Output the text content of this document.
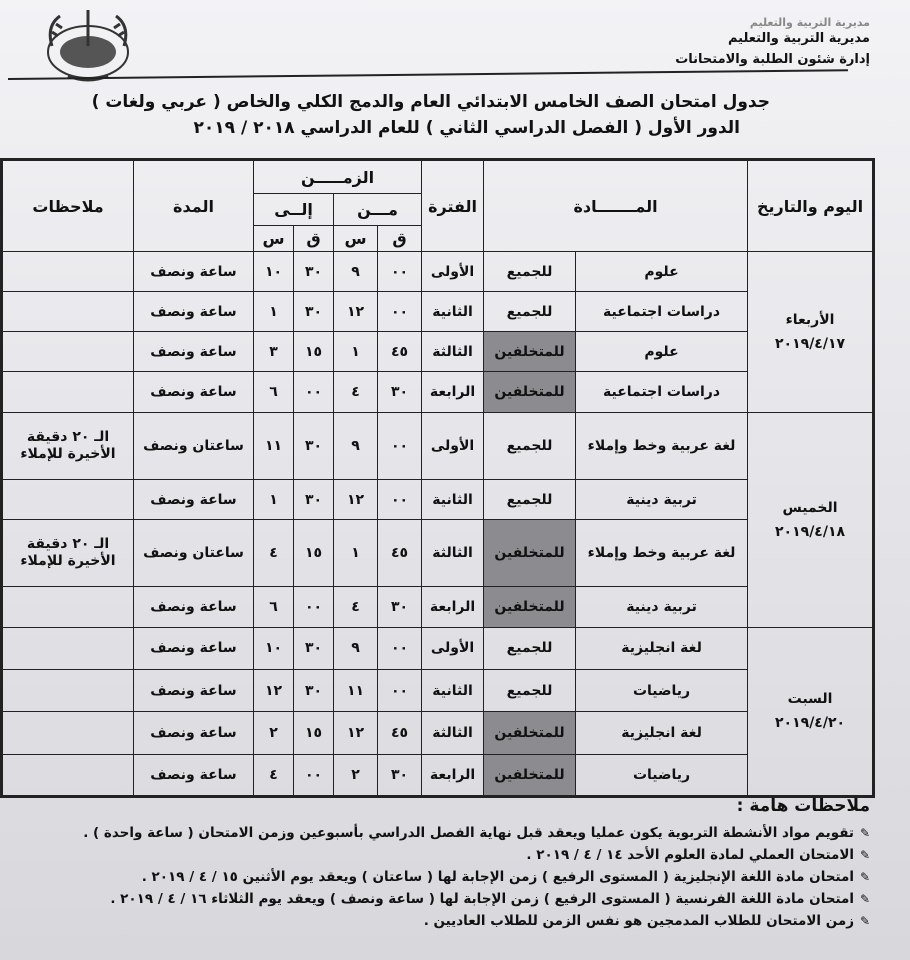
مديرية التربية والتعليم
مديرية التربية والتعليم
إدارة شئون الطلبة والامتحانات
جدول امتحان الصف الخامس الابتدائي العام والدمج الكلي والخاص ( عربي ولغات )
الدور الأول ( الفصل الدراسي الثاني ) للعام الدراسي ٢٠١٨ / ٢٠١٩
اليوم والتاريخ	المـــــــادة		الفترة	الزمـــــن				المدة	ملاحظات
				مـــن		إلــى			
				ق	س	ق	س		

الأربعاء
٢٠١٩/٤/١٧	علوم	للجميع	الأولى	٠٠	٩	٣٠	١٠	ساعة ونصف	
	دراسات اجتماعية	للجميع	الثانية	٠٠	١٢	٣٠	١	ساعة ونصف	
	علوم	للمتخلفين	الثالثة	٤٥	١	١٥	٣	ساعة ونصف	
	دراسات اجتماعية	للمتخلفين	الرابعة	٣٠	٤	٠٠	٦	ساعة ونصف	

الخميس
٢٠١٩/٤/١٨	لغة عربية وخط وإملاء	للجميع	الأولى	٠٠	٩	٣٠	١١	ساعتان ونصف	الـ ٢٠ دقيقة الأخيرة للإملاء
	تربية دينية	للجميع	الثانية	٠٠	١٢	٣٠	١	ساعة ونصف	
	لغة عربية وخط وإملاء	للمتخلفين	الثالثة	٤٥	١	١٥	٤	ساعتان ونصف	الـ ٢٠ دقيقة الأخيرة للإملاء
	تربية دينية	للمتخلفين	الرابعة	٣٠	٤	٠٠	٦	ساعة ونصف	

السبت
٢٠١٩/٤/٢٠	لغة انجليزية	للجميع	الأولى	٠٠	٩	٣٠	١٠	ساعة ونصف	
	رياضيات	للجميع	الثانية	٠٠	١١	٣٠	١٢	ساعة ونصف	
	لغة انجليزية	للمتخلفين	الثالثة	٤٥	١٢	١٥	٢	ساعة ونصف	
	رياضيات	للمتخلفين	الرابعة	٣٠	٢	٠٠	٤	ساعة ونصف	
ملاحظات هامة :
✎تقويم مواد الأنشطة التربوية يكون عمليا ويعقد قبل نهاية الفصل الدراسي بأسبوعين وزمن الامتحان ( ساعة واحدة ) .
✎الامتحان العملي لمادة العلوم الأحد ١٤ / ٤ / ٢٠١٩ .
✎امتحان مادة اللغة الإنجليزية ( المستوى الرفيع ) زمن الإجابة لها ( ساعتان ) ويعقد يوم الأثنين ١٥ / ٤ / ٢٠١٩ .
✎امتحان مادة اللغة الفرنسية ( المستوى الرفيع ) زمن الإجابة لها ( ساعة ونصف ) ويعقد يوم الثلاثاء ١٦ / ٤ / ٢٠١٩ .
✎زمن الامتحان للطلاب المدمجين هو نفس الزمن للطلاب العاديين .
